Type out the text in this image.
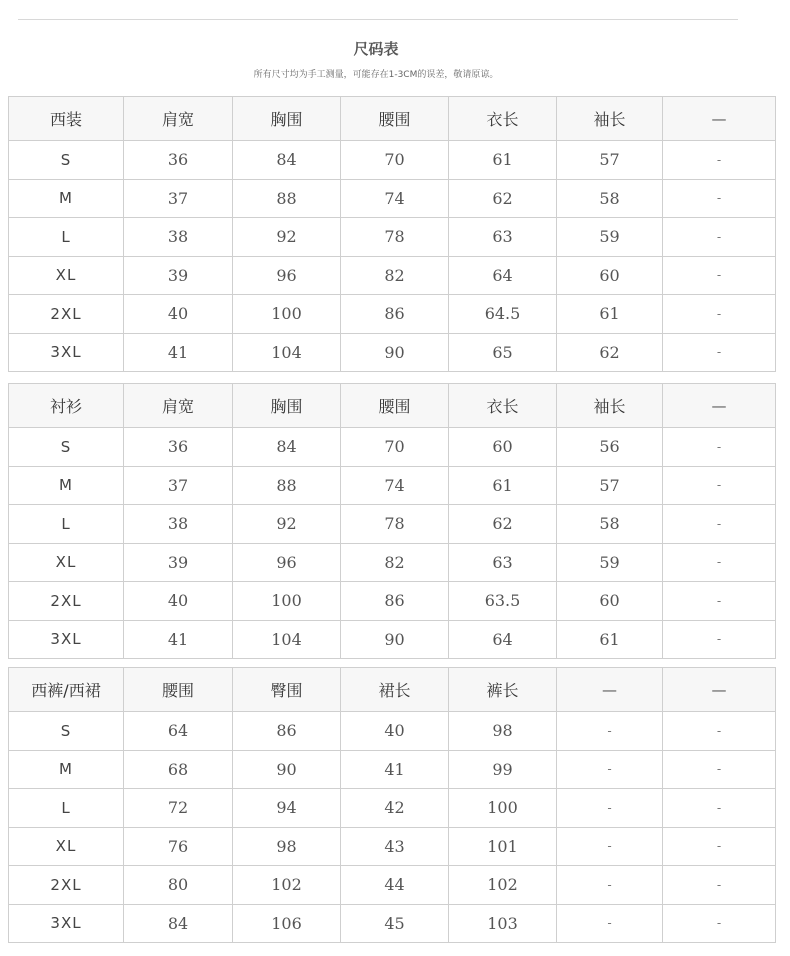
尺码表
所有尺寸均为手工测量，可能存在1-3CM的误差，敬请原谅。
西装	肩宽	胸围	腰围	衣长	袖长	—
S	36	84	70	61	57	-
M	37	88	74	62	58	-
L	38	92	78	63	59	-
XL	39	96	82	64	60	-
2XL	40	100	86	64.5	61	-
3XL	41	104	90	65	62	-
衬衫	肩宽	胸围	腰围	衣长	袖长	—
S	36	84	70	60	56	-
M	37	88	74	61	57	-
L	38	92	78	62	58	-
XL	39	96	82	63	59	-
2XL	40	100	86	63.5	60	-
3XL	41	104	90	64	61	-
西裤/西裙	腰围	臀围	裙长	裤长	—	—
S	64	86	40	98	-	-
M	68	90	41	99	-	-
L	72	94	42	100	-	-
XL	76	98	43	101	-	-
2XL	80	102	44	102	-	-
3XL	84	106	45	103	-	-
